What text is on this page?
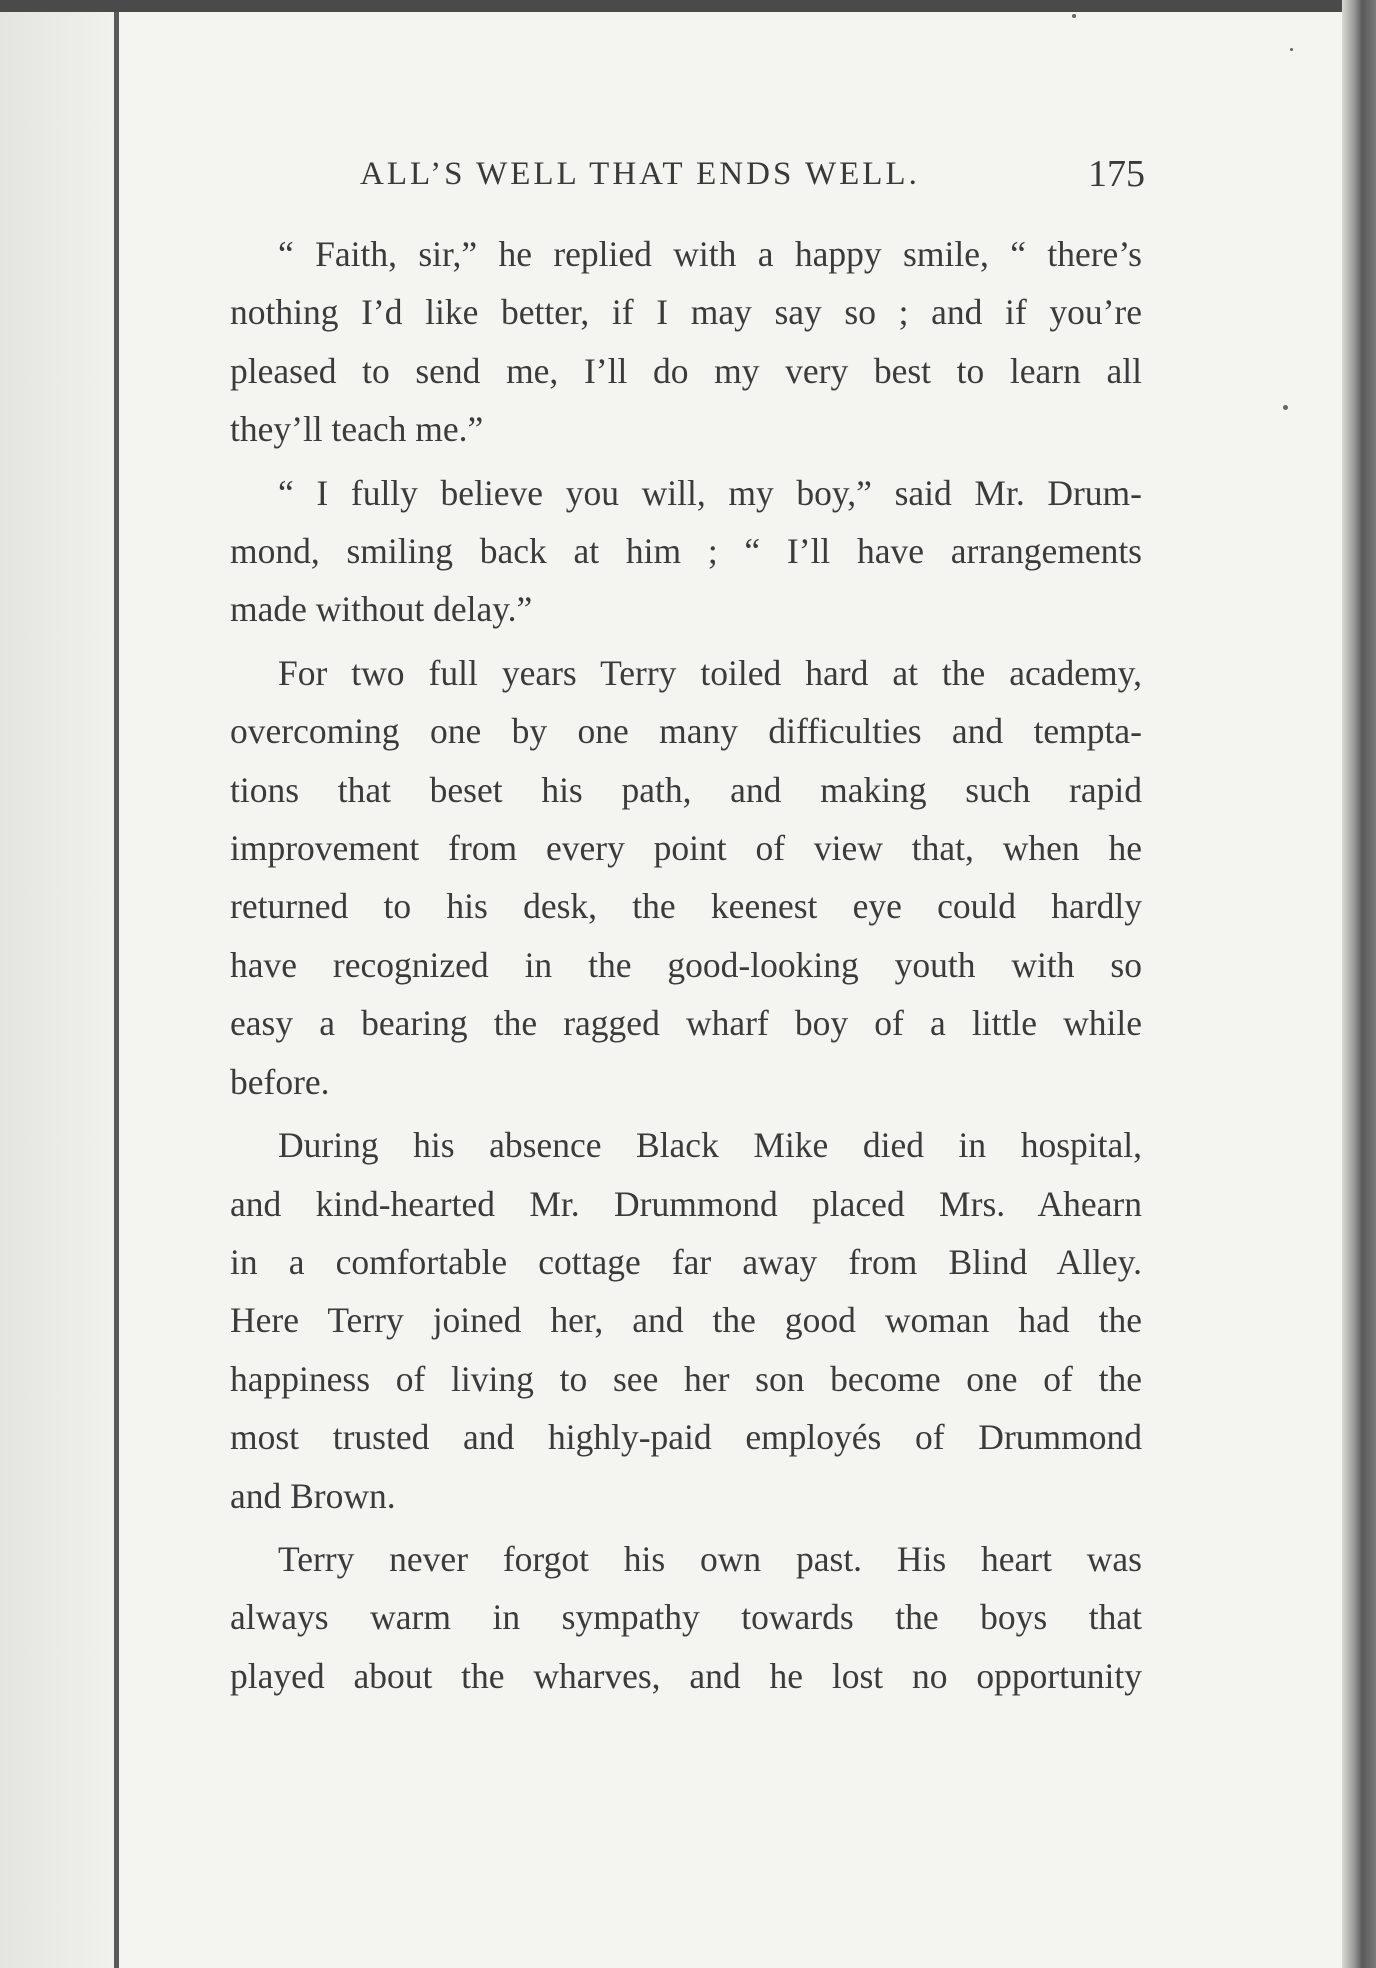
ALL’S WELL THAT ENDS WELL.	175

“ Faith, sir,” he replied with a happy smile, “ there’s
nothing I’d like better, if I may say so ; and if you’re
pleased to send me, I’ll do my very best to learn all
they’ll teach me.”

“ I fully believe you will, my boy,” said Mr. Drum-
mond, smiling back at him ; “ I’ll have arrangements
made without delay.”

For two full years Terry toiled hard at the academy,
overcoming one by one many difficulties and tempta-
tions that beset his path, and making such rapid
improvement from every point of view that, when he
returned to his desk, the keenest eye could hardly
have recognized in the good-looking youth with so
easy a bearing the ragged wharf boy of a little while
before.

During his absence Black Mike died in hospital,
and kind-hearted Mr. Drummond placed Mrs. Ahearn
in a comfortable cottage far away from Blind Alley.
Here Terry joined her, and the good woman had the
happiness of living to see her son become one of the
most trusted and highly-paid employés of Drummond
and Brown.

Terry never forgot his own past. His heart was
always warm in sympathy towards the boys that
played about the wharves, and he lost no opportunity
